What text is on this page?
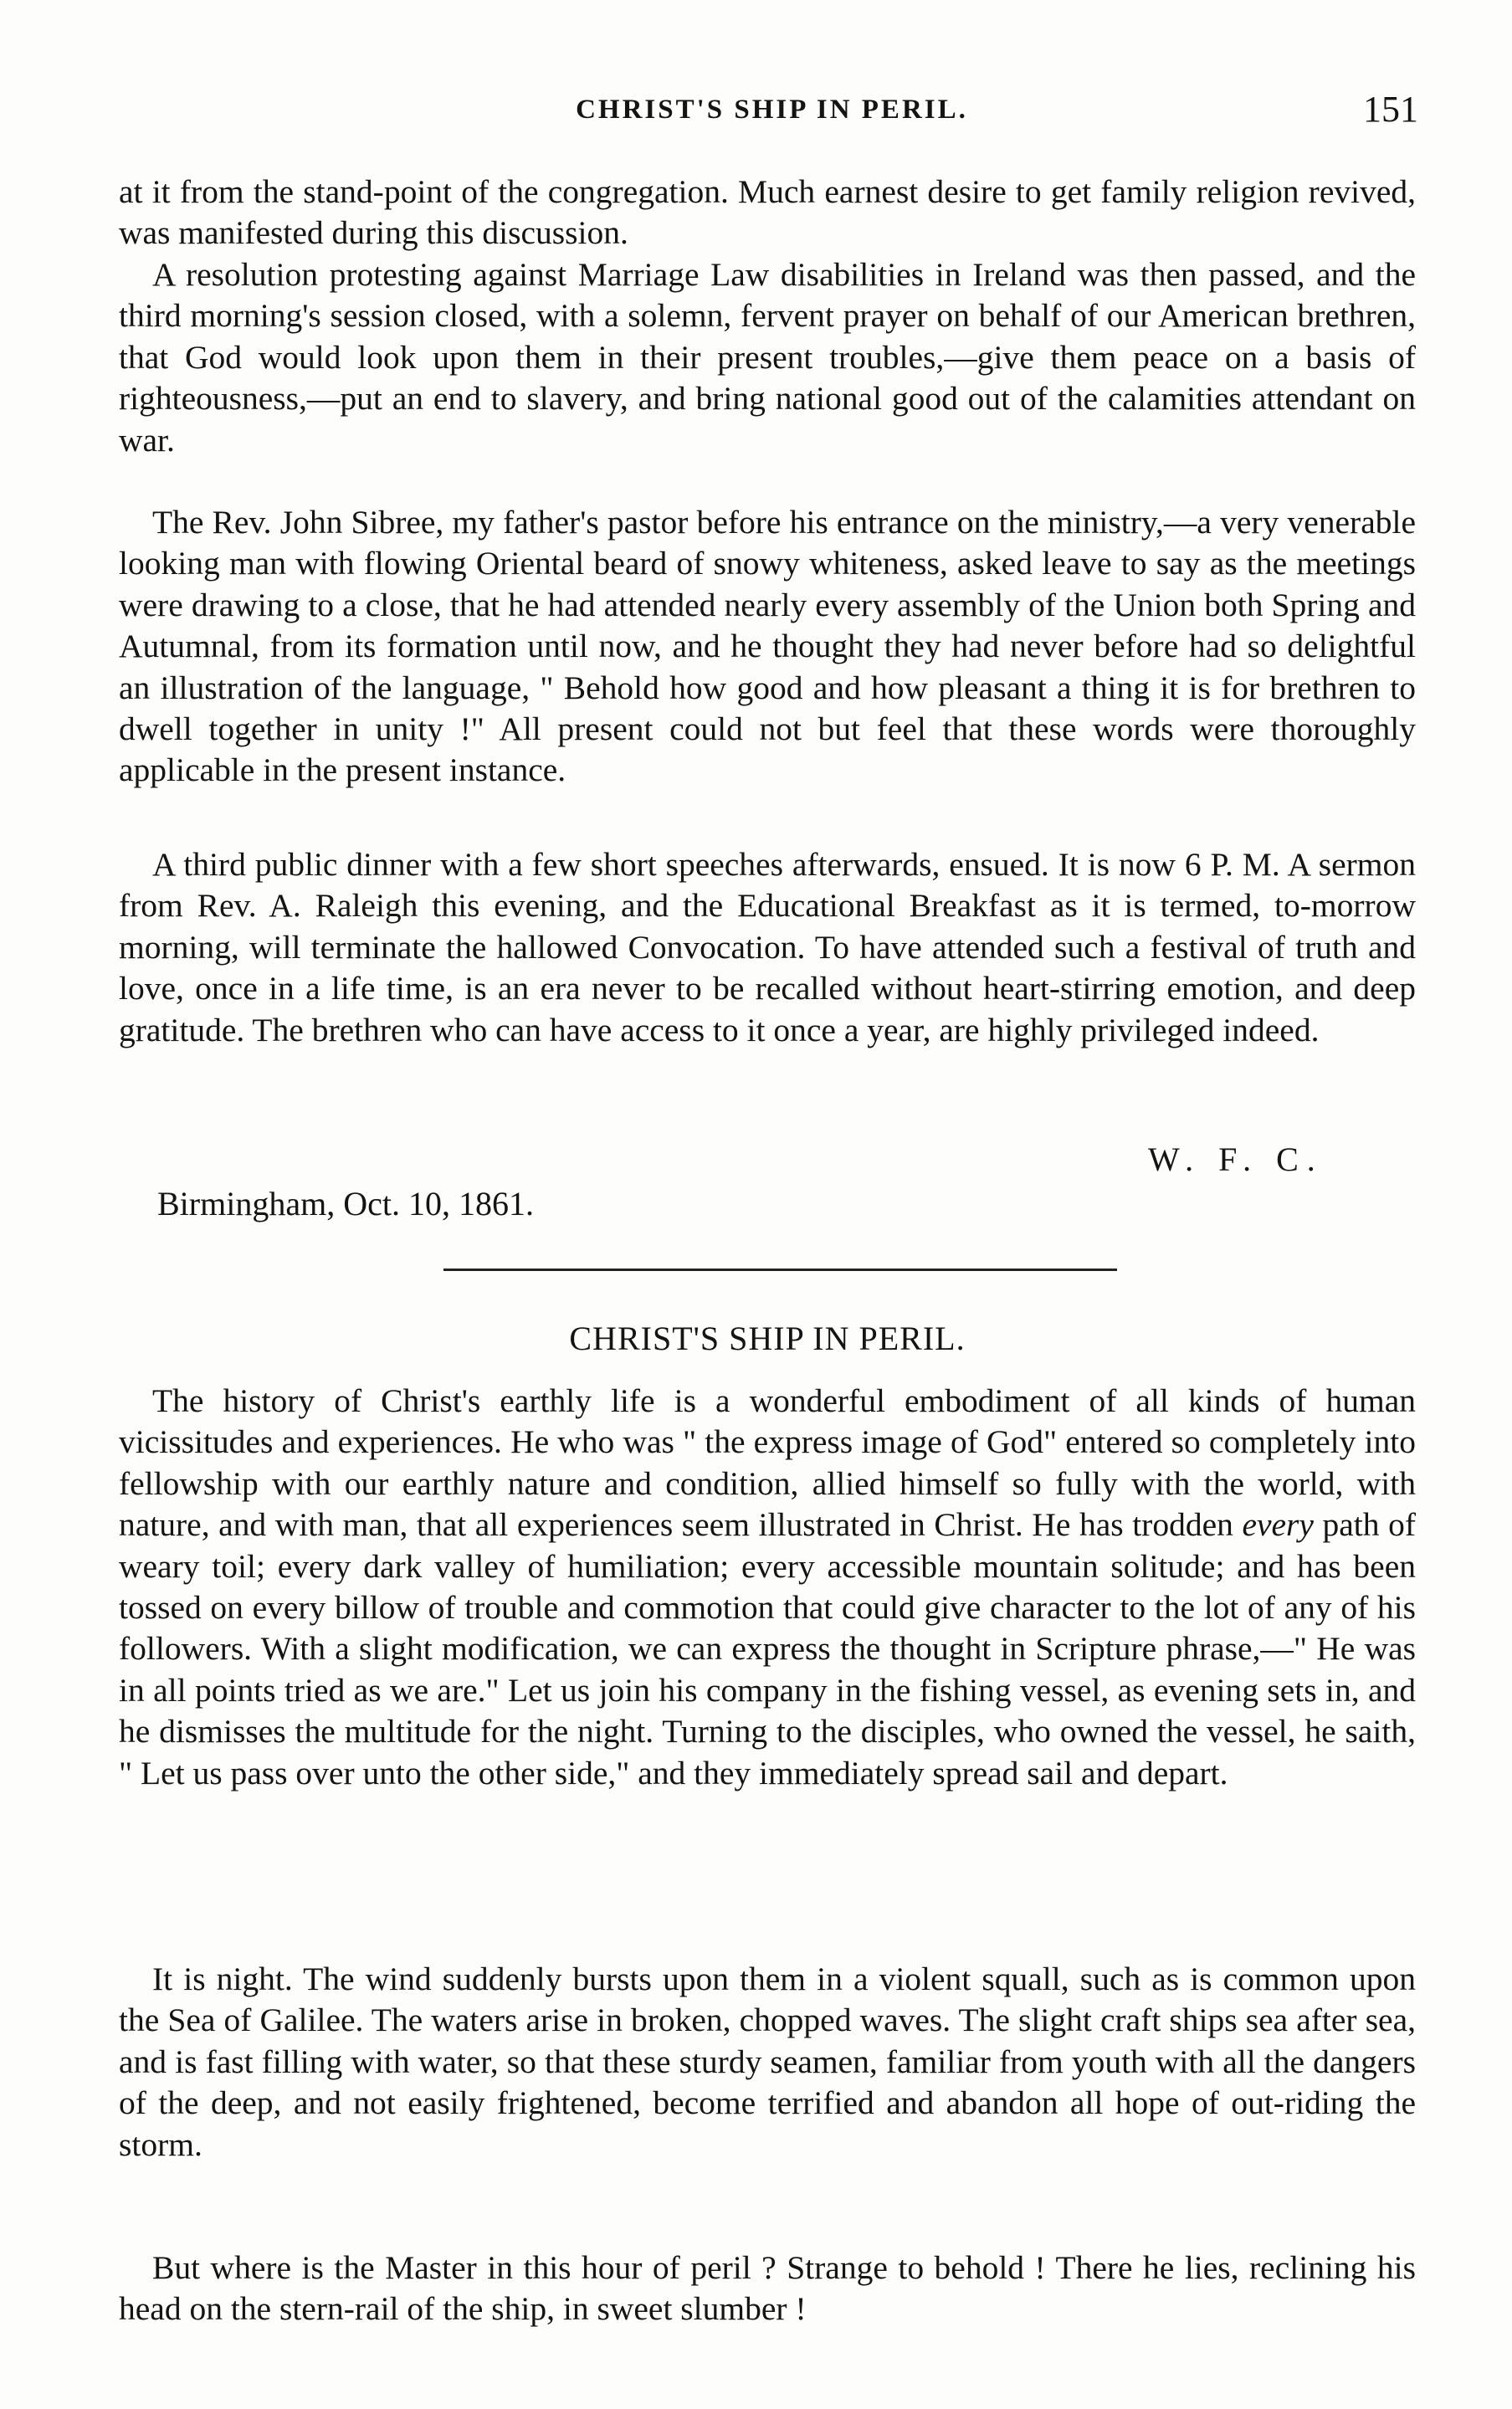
CHRIST'S SHIP IN PERIL.	151

at it from the stand-point of the congregation. Much earnest desire to get family religion revived, was manifested during this discussion.

A resolution protesting against Marriage Law disabilities in Ireland was then passed, and the third morning's session closed, with a solemn, fervent prayer on behalf of our American brethren, that God would look upon them in their present troubles,—give them peace on a basis of righteousness,—put an end to slavery, and bring national good out of the calamities attendant on war.

The Rev. John Sibree, my father's pastor before his entrance on the ministry,—a very venerable looking man with flowing Oriental beard of snowy whiteness, asked leave to say as the meetings were drawing to a close, that he had attended nearly every assembly of the Union both Spring and Autumnal, from its formation until now, and he thought they had never before had so delightful an illustration of the language, " Behold how good and how pleasant a thing it is for brethren to dwell together in unity !" All present could not but feel that these words were thoroughly applicable in the present instance.

A third public dinner with a few short speeches afterwards, ensued. It is now 6 P. M. A sermon from Rev. A. Raleigh this evening, and the Educational Breakfast as it is termed, to-morrow morning, will terminate the hallowed Convocation. To have attended such a festival of truth and love, once in a life time, is an era never to be recalled without heart-stirring emotion, and deep gratitude. The brethren who can have access to it once a year, are highly privileged indeed.

W. F. C.
Birmingham, Oct. 10, 1861.
CHRIST'S SHIP IN PERIL.

The history of Christ's earthly life is a wonderful embodiment of all kinds of human vicissitudes and experiences. He who was " the express image of God" entered so completely into fellowship with our earthly nature and condition, allied himself so fully with the world, with nature, and with man, that all experiences seem illustrated in Christ. He has trodden every path of weary toil; every dark valley of humiliation; every accessible mountain solitude; and has been tossed on every billow of trouble and commotion that could give character to the lot of any of his followers. With a slight modification, we can express the thought in Scripture phrase,—" He was in all points tried as we are." Let us join his company in the fishing vessel, as evening sets in, and he dismisses the multitude for the night. Turning to the disciples, who owned the vessel, he saith, " Let us pass over unto the other side," and they immediately spread sail and depart.

It is night. The wind suddenly bursts upon them in a violent squall, such as is common upon the Sea of Galilee. The waters arise in broken, chopped waves. The slight craft ships sea after sea, and is fast filling with water, so that these sturdy seamen, familiar from youth with all the dangers of the deep, and not easily frightened, become terrified and abandon all hope of out-riding the storm.

But where is the Master in this hour of peril ? Strange to behold ! There he lies, reclining his head on the stern-rail of the ship, in sweet slumber !
